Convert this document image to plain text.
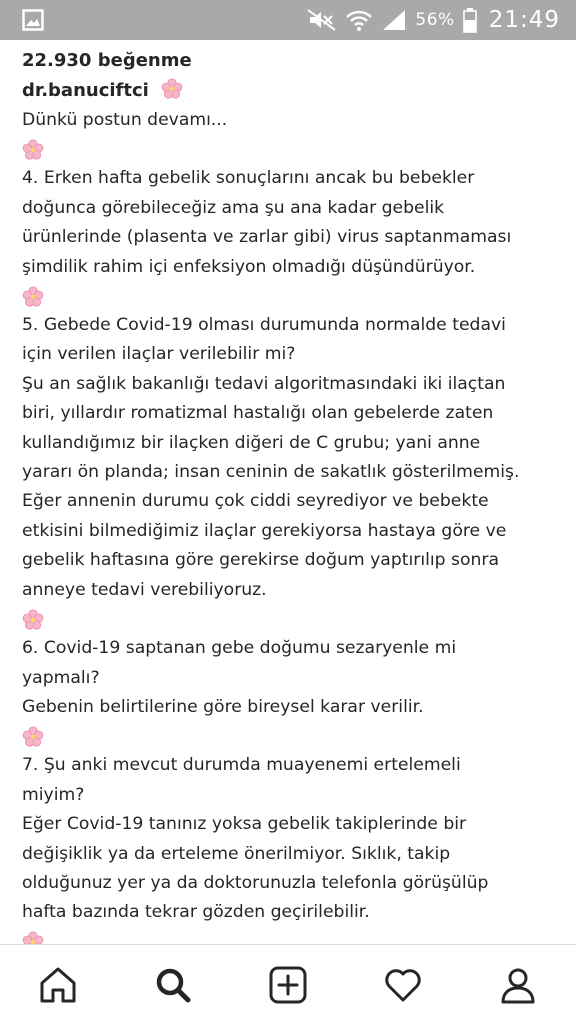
56% 21:49
22.930 beğenme
dr.banuciftci
Dünkü postun devamı...
4. Erken hafta gebelik sonuçlarını ancak bu bebekler
doğunca görebileceğiz ama şu ana kadar gebelik
ürünlerinde (plasenta ve zarlar gibi) virus saptanmaması
şimdilik rahim içi enfeksiyon olmadığı düşündürüyor.
5. Gebede Covid-19 olması durumunda normalde tedavi
için verilen ilaçlar verilebilir mi?
Şu an sağlık bakanlığı tedavi algoritmasındaki iki ilaçtan
biri, yıllardır romatizmal hastalığı olan gebelerde zaten
kullandığımız bir ilaçken diğeri de C grubu; yani anne
yararı ön planda; insan ceninin de sakatlık gösterilmemiş.
Eğer annenin durumu çok ciddi seyrediyor ve bebekte
etkisini bilmediğimiz ilaçlar gerekiyorsa hastaya göre ve
gebelik haftasına göre gerekirse doğum yaptırılıp sonra
anneye tedavi verebiliyoruz.
6. Covid-19 saptanan gebe doğumu sezaryenle mi
yapmalı?
Gebenin belirtilerine göre bireysel karar verilir.
7. Şu anki mevcut durumda muayenemi ertelemeli
miyim?
Eğer Covid-19 tanınız yoksa gebelik takiplerinde bir
değişiklik ya da erteleme önerilmiyor. Sıklık, takip
olduğunuz yer ya da doktorunuzla telefonla görüşülüp
hafta bazında tekrar gözden geçirilebilir.
